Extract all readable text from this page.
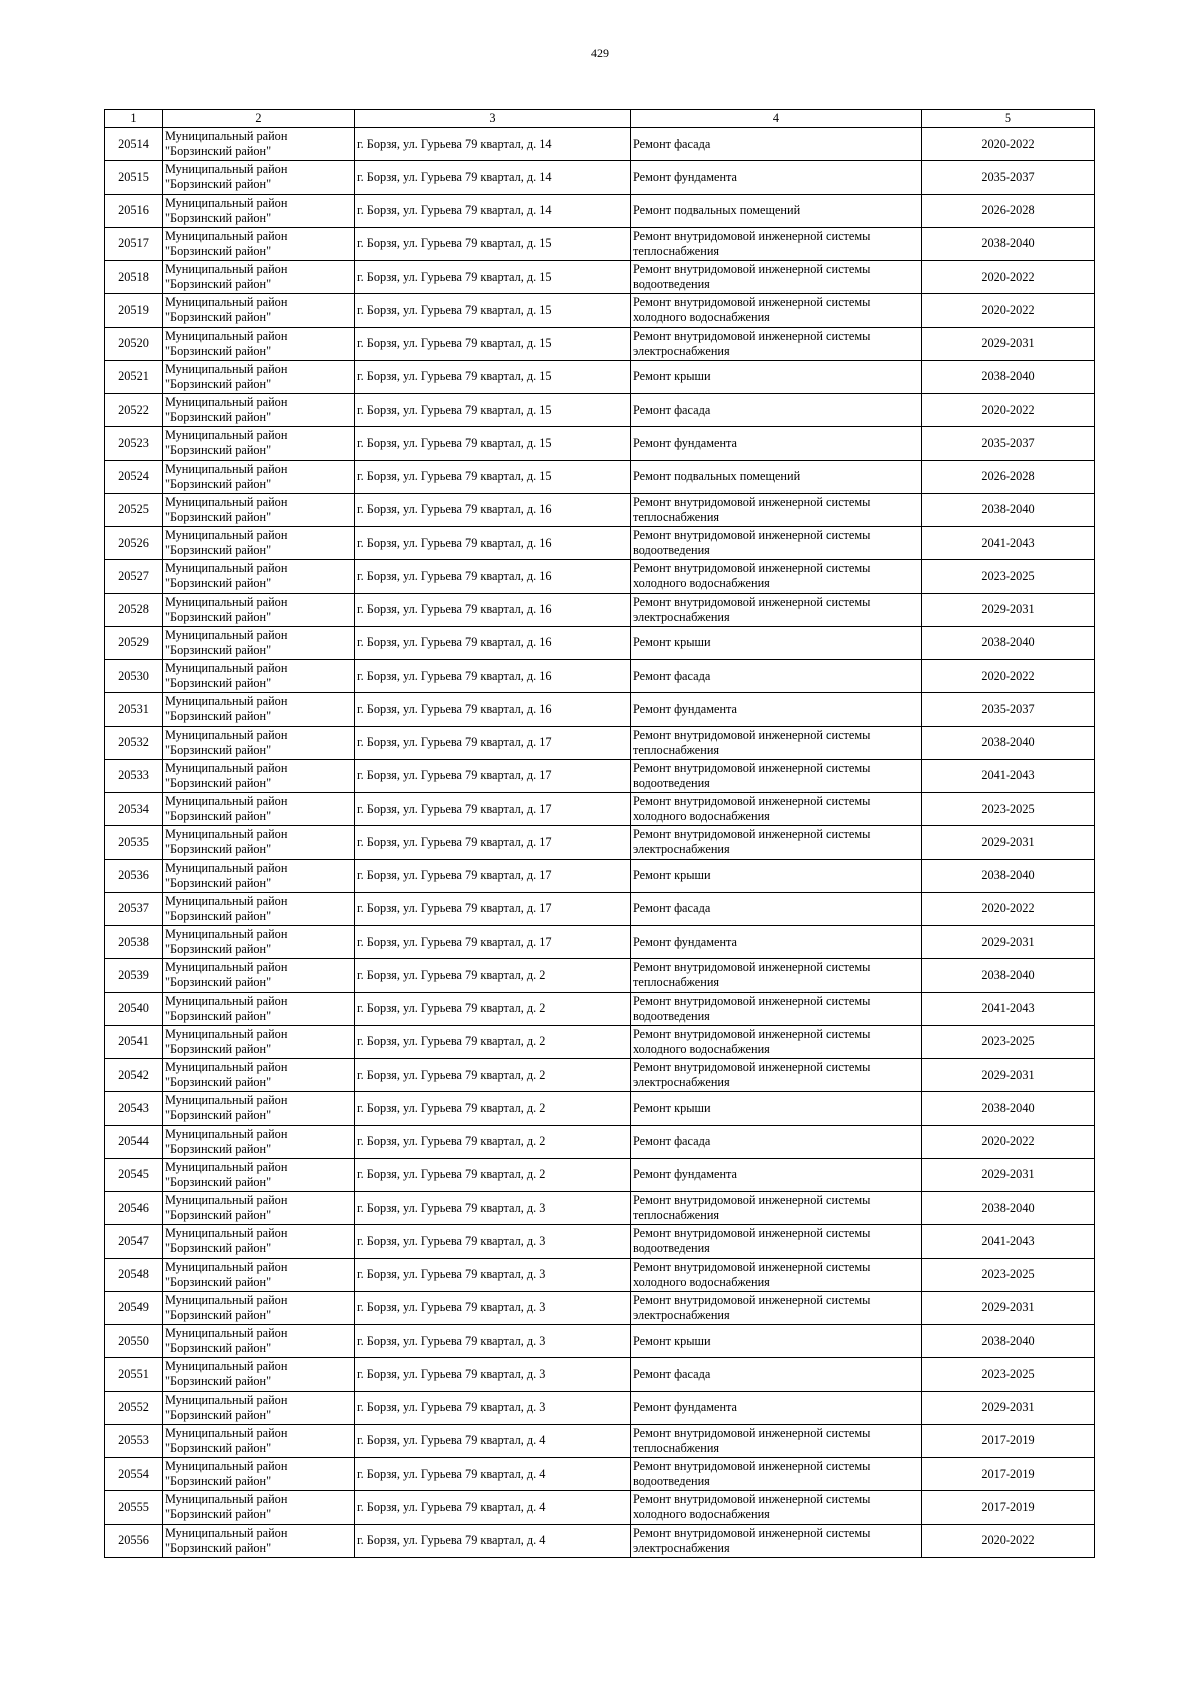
429
1	2	3	4	5
20514	Муниципальный район "Борзинский район"	г. Борзя, ул. Гурьева 79 квартал, д. 14	Ремонт фасада	2020-2022
20515	Муниципальный район "Борзинский район"	г. Борзя, ул. Гурьева 79 квартал, д. 14	Ремонт фундамента	2035-2037
20516	Муниципальный район "Борзинский район"	г. Борзя, ул. Гурьева 79 квартал, д. 14	Ремонт подвальных помещений	2026-2028
20517	Муниципальный район "Борзинский район"	г. Борзя, ул. Гурьева 79 квартал, д. 15	Ремонт внутридомовой инженерной системы теплоснабжения	2038-2040
20518	Муниципальный район "Борзинский район"	г. Борзя, ул. Гурьева 79 квартал, д. 15	Ремонт внутридомовой инженерной системы водоотведения	2020-2022
20519	Муниципальный район "Борзинский район"	г. Борзя, ул. Гурьева 79 квартал, д. 15	Ремонт внутридомовой инженерной системы холодного водоснабжения	2020-2022
20520	Муниципальный район "Борзинский район"	г. Борзя, ул. Гурьева 79 квартал, д. 15	Ремонт внутридомовой инженерной системы электроснабжения	2029-2031
20521	Муниципальный район "Борзинский район"	г. Борзя, ул. Гурьева 79 квартал, д. 15	Ремонт крыши	2038-2040
20522	Муниципальный район "Борзинский район"	г. Борзя, ул. Гурьева 79 квартал, д. 15	Ремонт фасада	2020-2022
20523	Муниципальный район "Борзинский район"	г. Борзя, ул. Гурьева 79 квартал, д. 15	Ремонт фундамента	2035-2037
20524	Муниципальный район "Борзинский район"	г. Борзя, ул. Гурьева 79 квартал, д. 15	Ремонт подвальных помещений	2026-2028
20525	Муниципальный район "Борзинский район"	г. Борзя, ул. Гурьева 79 квартал, д. 16	Ремонт внутридомовой инженерной системы теплоснабжения	2038-2040
20526	Муниципальный район "Борзинский район"	г. Борзя, ул. Гурьева 79 квартал, д. 16	Ремонт внутридомовой инженерной системы водоотведения	2041-2043
20527	Муниципальный район "Борзинский район"	г. Борзя, ул. Гурьева 79 квартал, д. 16	Ремонт внутридомовой инженерной системы холодного водоснабжения	2023-2025
20528	Муниципальный район "Борзинский район"	г. Борзя, ул. Гурьева 79 квартал, д. 16	Ремонт внутридомовой инженерной системы электроснабжения	2029-2031
20529	Муниципальный район "Борзинский район"	г. Борзя, ул. Гурьева 79 квартал, д. 16	Ремонт крыши	2038-2040
20530	Муниципальный район "Борзинский район"	г. Борзя, ул. Гурьева 79 квартал, д. 16	Ремонт фасада	2020-2022
20531	Муниципальный район "Борзинский район"	г. Борзя, ул. Гурьева 79 квартал, д. 16	Ремонт фундамента	2035-2037
20532	Муниципальный район "Борзинский район"	г. Борзя, ул. Гурьева 79 квартал, д. 17	Ремонт внутридомовой инженерной системы теплоснабжения	2038-2040
20533	Муниципальный район "Борзинский район"	г. Борзя, ул. Гурьева 79 квартал, д. 17	Ремонт внутридомовой инженерной системы водоотведения	2041-2043
20534	Муниципальный район "Борзинский район"	г. Борзя, ул. Гурьева 79 квартал, д. 17	Ремонт внутридомовой инженерной системы холодного водоснабжения	2023-2025
20535	Муниципальный район "Борзинский район"	г. Борзя, ул. Гурьева 79 квартал, д. 17	Ремонт внутридомовой инженерной системы электроснабжения	2029-2031
20536	Муниципальный район "Борзинский район"	г. Борзя, ул. Гурьева 79 квартал, д. 17	Ремонт крыши	2038-2040
20537	Муниципальный район "Борзинский район"	г. Борзя, ул. Гурьева 79 квартал, д. 17	Ремонт фасада	2020-2022
20538	Муниципальный район "Борзинский район"	г. Борзя, ул. Гурьева 79 квартал, д. 17	Ремонт фундамента	2029-2031
20539	Муниципальный район "Борзинский район"	г. Борзя, ул. Гурьева 79 квартал, д. 2	Ремонт внутридомовой инженерной системы теплоснабжения	2038-2040
20540	Муниципальный район "Борзинский район"	г. Борзя, ул. Гурьева 79 квартал, д. 2	Ремонт внутридомовой инженерной системы водоотведения	2041-2043
20541	Муниципальный район "Борзинский район"	г. Борзя, ул. Гурьева 79 квартал, д. 2	Ремонт внутридомовой инженерной системы холодного водоснабжения	2023-2025
20542	Муниципальный район "Борзинский район"	г. Борзя, ул. Гурьева 79 квартал, д. 2	Ремонт внутридомовой инженерной системы электроснабжения	2029-2031
20543	Муниципальный район "Борзинский район"	г. Борзя, ул. Гурьева 79 квартал, д. 2	Ремонт крыши	2038-2040
20544	Муниципальный район "Борзинский район"	г. Борзя, ул. Гурьева 79 квартал, д. 2	Ремонт фасада	2020-2022
20545	Муниципальный район "Борзинский район"	г. Борзя, ул. Гурьева 79 квартал, д. 2	Ремонт фундамента	2029-2031
20546	Муниципальный район "Борзинский район"	г. Борзя, ул. Гурьева 79 квартал, д. 3	Ремонт внутридомовой инженерной системы теплоснабжения	2038-2040
20547	Муниципальный район "Борзинский район"	г. Борзя, ул. Гурьева 79 квартал, д. 3	Ремонт внутридомовой инженерной системы водоотведения	2041-2043
20548	Муниципальный район "Борзинский район"	г. Борзя, ул. Гурьева 79 квартал, д. 3	Ремонт внутридомовой инженерной системы холодного водоснабжения	2023-2025
20549	Муниципальный район "Борзинский район"	г. Борзя, ул. Гурьева 79 квартал, д. 3	Ремонт внутридомовой инженерной системы электроснабжения	2029-2031
20550	Муниципальный район "Борзинский район"	г. Борзя, ул. Гурьева 79 квартал, д. 3	Ремонт крыши	2038-2040
20551	Муниципальный район "Борзинский район"	г. Борзя, ул. Гурьева 79 квартал, д. 3	Ремонт фасада	2023-2025
20552	Муниципальный район "Борзинский район"	г. Борзя, ул. Гурьева 79 квартал, д. 3	Ремонт фундамента	2029-2031
20553	Муниципальный район "Борзинский район"	г. Борзя, ул. Гурьева 79 квартал, д. 4	Ремонт внутридомовой инженерной системы теплоснабжения	2017-2019
20554	Муниципальный район "Борзинский район"	г. Борзя, ул. Гурьева 79 квартал, д. 4	Ремонт внутридомовой инженерной системы водоотведения	2017-2019
20555	Муниципальный район "Борзинский район"	г. Борзя, ул. Гурьева 79 квартал, д. 4	Ремонт внутридомовой инженерной системы холодного водоснабжения	2017-2019
20556	Муниципальный район "Борзинский район"	г. Борзя, ул. Гурьева 79 квартал, д. 4	Ремонт внутридомовой инженерной системы электроснабжения	2020-2022
